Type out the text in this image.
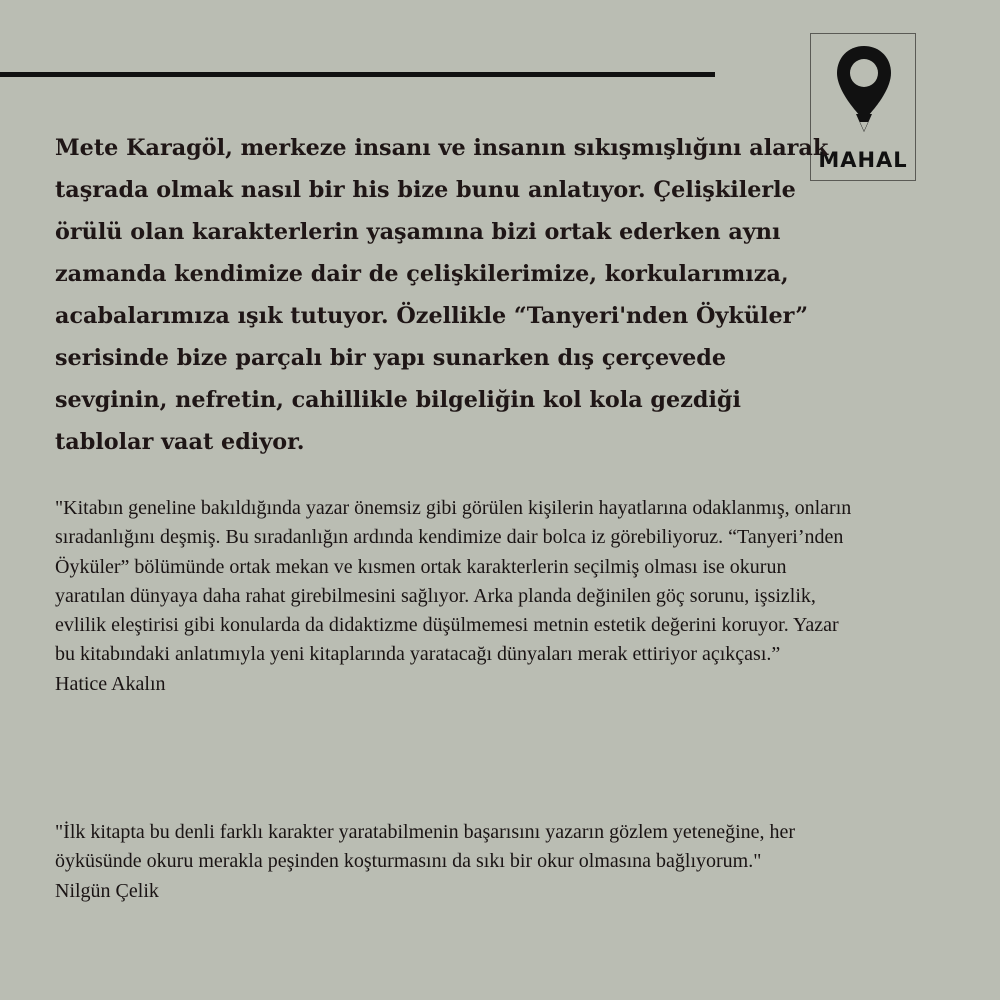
MAHAL

Mete Karagöl, merkeze insanı ve insanın sıkışmışlığını alarak taşrada olmak nasıl bir his bize bunu anlatıyor. Çelişkilerle örülü olan karakterlerin yaşamına bizi ortak ederken aynı zamanda kendimize dair de çelişkilerimize, korkularımıza, acabalarımıza ışık tutuyor. Özellikle “Tanyeri'nden Öyküler” serisinde bize parçalı bir yapı sunarken dış çerçevede sevginin, nefretin, cahillikle bilgeliğin kol kola gezdiği tablolar vaat ediyor.

"Kitabın geneline bakıldığında yazar önemsiz gibi görülen kişilerin hayatlarına odaklanmış, onların sıradanlığını deşmiş. Bu sıradanlığın ardında kendimize dair bolca iz görebiliyoruz. “Tanyeri’nden Öyküler” bölümünde ortak mekan ve kısmen ortak karakterlerin seçilmiş olması ise okurun yaratılan dünyaya daha rahat girebilmesini sağlıyor. Arka planda değinilen göç sorunu, işsizlik, evlilik eleştirisi gibi konularda da didaktizme düşülmemesi metnin estetik değerini koruyor. Yazar bu kitabındaki anlatımıyla yeni kitaplarında yaratacağı dünyaları merak ettiriyor açıkçası.”
Hatice Akalın
"İlk kitapta bu denli farklı karakter yaratabilmenin başarısını yazarın gözlem yeteneğine, her öyküsünde okuru merakla peşinden koşturmasını da sıkı bir okur olmasına bağlıyorum."
Nilgün Çelik
